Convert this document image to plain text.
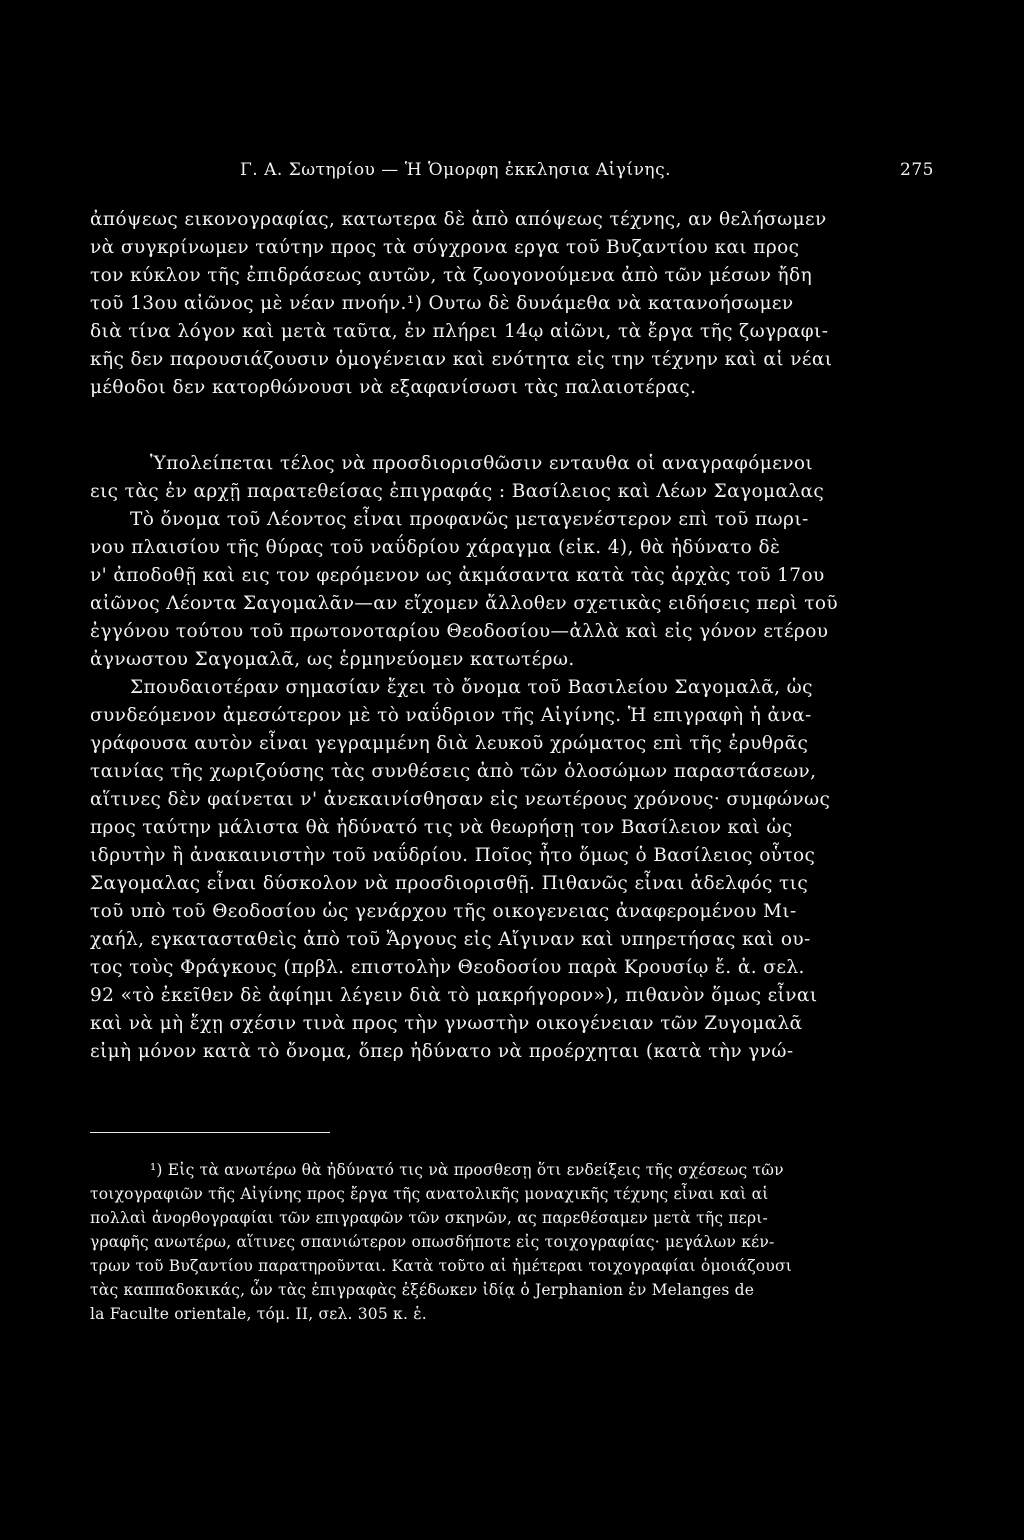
Γ. Α. Σωτηρίου — Ἡ Ὁμορφη ἐκκλησια Αἰγίνης.	275
ἀπόψεως εικονογραφίας, κατωτερα δὲ ἀπὸ απόψεως τέχνης, αν θελήσωμεν
νὰ συγκρίνωμεν ταύτην προς τὰ σύγχρονα εργα τοῦ Βυζαντίου και προς
τον κύκλον τῆς ἐπιδράσεως αυτῶν, τὰ ζωογονούμενα ἀπὸ τῶν μέσων ἤδη
τοῦ 13ου αἰῶνος μὲ νέαν πνοήν.¹) Ουτω δὲ δυνάμεθα νὰ κατανοήσωμεν
διὰ τίνα λόγον καὶ μετὰ ταῦτα, ἐν πλήρει 14ῳ αἰῶνι, τὰ ἔργα τῆς ζωγραφι-
κῆς δεν παρουσιάζουσιν ὁμογένειαν καὶ ενότητα εἰς την τέχνην καὶ αἱ νέαι
μέθοδοι δεν κατορθώνουσι νὰ εξαφανίσωσι τὰς παλαιοτέρας.
Ὑπολείπεται τέλος νὰ προσδιορισθῶσιν ενταυθα οἱ αναγραφόμενοι
εις τὰς ἐν αρχῇ παρατεθείσας ἐπιγραφάς : Βασίλειος καὶ Λέων Σαγομαλας
Τὸ ὄνομα τοῦ Λέοντος εἶναι προφανῶς μεταγενέστερον επὶ τοῦ πωρι-
νου πλαισίου τῆς θύρας τοῦ ναΰδρίου χάραγμα (εἰκ. 4), θὰ ἠδύνατο δὲ
ν' ἀποδοθῇ καὶ εις τον φερόμενον ως ἀκμάσαντα κατὰ τὰς ἀρχὰς τοῦ 17ου
αἰῶνος Λέοντα Σαγομαλᾶν—αν εἴχομεν ἄλλοθεν σχετικὰς ειδήσεις περὶ τοῦ
ἐγγόνου τούτου τοῦ πρωτονοταρίου Θεοδοσίου—ἀλλὰ καὶ εἰς γόνον ετέρου
ἀγνωστου Σαγομαλᾶ, ως ἑρμηνεύομεν κατωτέρω.
Σπουδαιοτέραν σημασίαν ἔχει τὸ ὄνομα τοῦ Βασιλείου Σαγομαλᾶ, ὡς
συνδεόμενον ἀμεσώτερον μὲ τὸ ναΰδριον τῆς Αἰγίνης. Ἡ επιγραφὴ ἡ ἀνα-
γράφουσα αυτὸν εἶναι γεγραμμένη διὰ λευκοῦ χρώματος επὶ τῆς ἐρυθρᾶς
ταινίας τῆς χωριζούσης τὰς συνθέσεις ἀπὸ τῶν ὁλοσώμων παραστάσεων,
αἵτινες δὲν φαίνεται ν' ἀνεκαινίσθησαν εἰς νεωτέρους χρόνους· συμφώνως
προς ταύτην μάλιστα θὰ ἠδύνατό τις νὰ θεωρήσῃ τον Βασίλειον καὶ ὡς
ιδρυτὴν ἢ ἀνακαινιστὴν τοῦ ναΰδρίου. Ποῖος ἦτο ὅμως ὁ Βασίλειος οὗτος
Σαγομαλας εἶναι δύσκολον νὰ προσδιορισθῇ. Πιθανῶς εἶναι ἀδελφός τις
τοῦ υπὸ τοῦ Θεοδοσίου ὡς γενάρχου τῆς οικογενειας ἀναφερομένου Μι-
χαήλ, εγκατασταθεὶς ἀπὸ τοῦ Ἄργους εἰς Αἴγιναν καὶ υπηρετήσας καὶ ου-
τος τοὺς Φράγκους (πρβλ. επιστολὴν Θεοδοσίου παρὰ Κρουσίῳ ἔ. ἀ. σελ.
92 «τὸ ἐκεῖθεν δὲ ἀφίημι λέγειν διὰ τὸ μακρήγορον»), πιθανὸν ὅμως εἶναι
καὶ νὰ μὴ ἔχῃ σχέσιν τινὰ προς τὴν γνωστὴν οικογένειαν τῶν Ζυγομαλᾶ
εἰμὴ μόνον κατὰ τὸ ὄνομα, ὅπερ ἠδύνατο νὰ προέρχηται (κατὰ τὴν γνώ-
¹) Εἰς τὰ ανωτέρω θὰ ἠδύνατό τις νὰ προσθεσῃ ὅτι ενδείξεις τῆς σχέσεως τῶν
τοιχογραφιῶν τῆς Αἰγίνης προς ἔργα τῆς ανατολικῆς μοναχικῆς τέχνης εἶναι καὶ αἱ
πολλαὶ ἀνορθογραφίαι τῶν επιγραφῶν τῶν σκηνῶν, ας παρεθέσαμεν μετὰ τῆς περι-
γραφῆς ανωτέρω, αἵτινες σπανιώτερον οπωσδήποτε εἰς τοιχογραφίας· μεγάλων κέν-
τρων τοῦ Βυζαντίου παρατηροῦνται. Κατὰ τοῦτο αἱ ἡμέτεραι τοιχογραφίαι ὁμοιάζουσι
τὰς καππαδοκικάς, ὧν τὰς ἐπιγραφὰς ἐξέδωκεν ἰδίᾳ ὁ Jerphanion ἐν Melanges de
la Faculte orientale, τόμ. II, σελ. 305 κ. ἑ.
